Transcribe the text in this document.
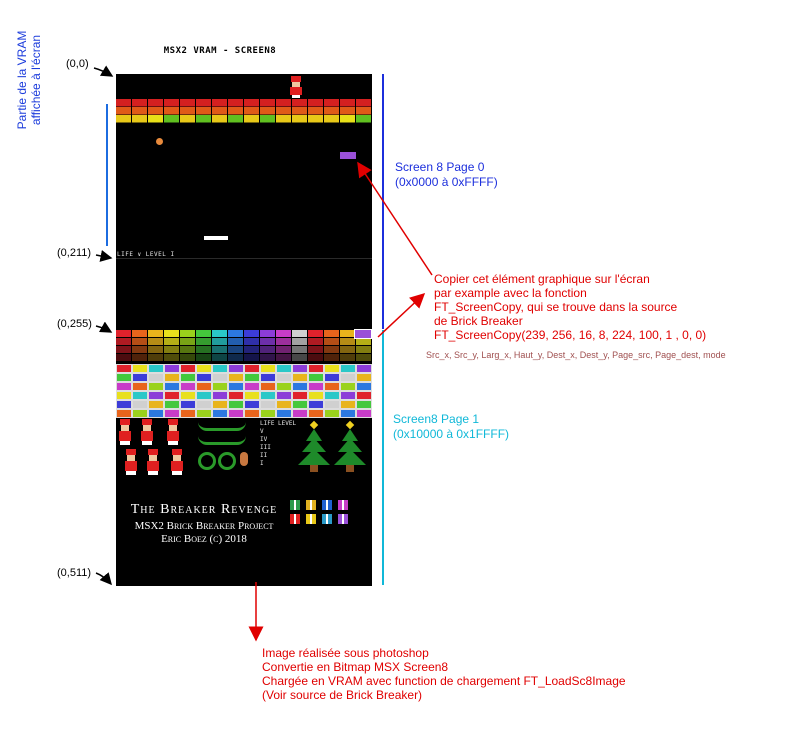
MSX2 VRAM - SCREEN8
(0,0)
(0,211)
(0,255)
(0,511)
Partie de la VRAM
affichée à l'écran
LIFE ∨ LEVEL I
LIFE LEVEL
V
IV
III
II
I
The Breaker Revenge
MSX2 Brick Breaker Project
Eric Boez (c) 2018
Screen 8 Page 0
(0x0000 à 0xFFFF)
Screen8 Page 1
(0x10000 à 0x1FFFF)
Copier cet élément graphique sur l'écran
par example avec la fonction
FT_ScreenCopy, qui se trouve dans la source
de Brick Breaker
FT_ScreenCopy(239, 256, 16, 8, 224, 100, 1 , 0, 0)
Src_x, Src_y, Larg_x, Haut_y, Dest_x, Dest_y, Page_src, Page_dest, mode
Image réalisée sous photoshop
Convertie en Bitmap MSX Screen8
Chargée en VRAM avec function de chargement FT_LoadSc8Image
(Voir source de Brick Breaker)
